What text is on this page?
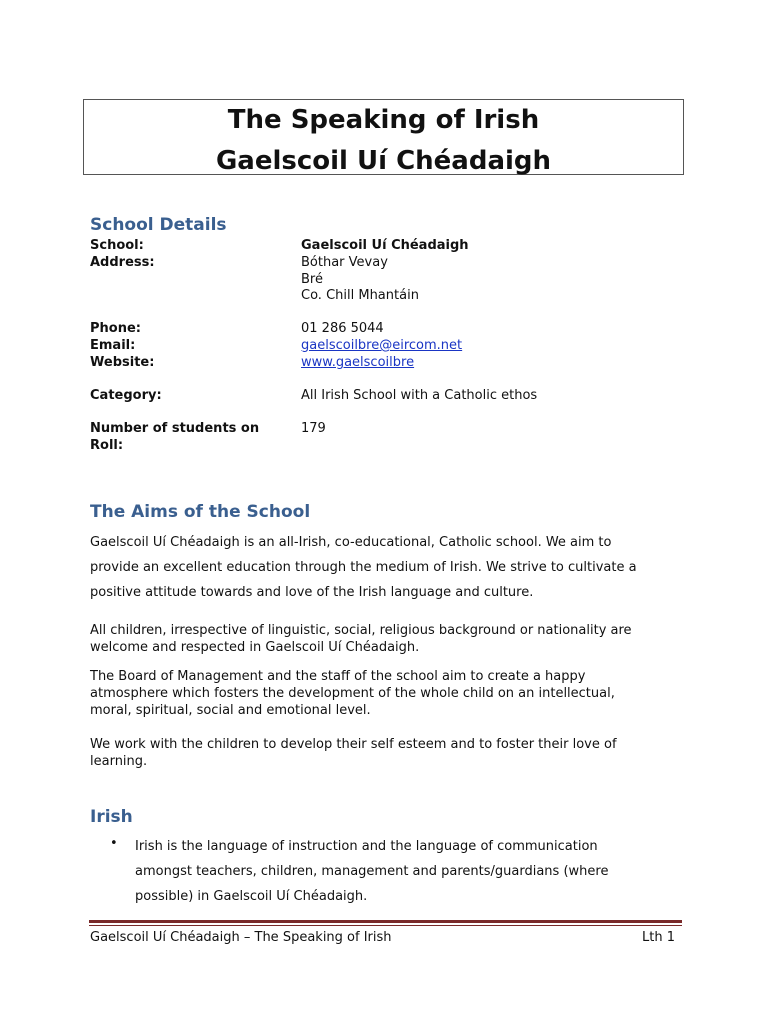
The Speaking of Irish
Gaelscoil Uí Chéadaigh
School Details
School:	Gaelscoil Uí Chéadaigh
Address:	Bóthar Vevay
Bré
Co. Chill Mhantáin
Phone:	01 286 5044
Email:	gaelscoilbre@eircom.net
Website:	www.gaelscoilbre
Category:	All Irish School with a Catholic ethos
Number of students on
Roll:
179
The Aims of the School
Gaelscoil Uí Chéadaigh is an all-Irish, co-educational, Catholic school. We aim to
provide an excellent education through the medium of Irish. We strive to cultivate a
positive attitude towards and love of the Irish language and culture.
All children, irrespective of linguistic, social, religious background or nationality are
welcome and respected in Gaelscoil Uí Chéadaigh.
The Board of Management and the staff of the school aim to create a happy
atmosphere which fosters the development of the whole child on an intellectual,
moral, spiritual, social and emotional level.
We work with the children to develop their self esteem and to foster their love of
learning.
Irish
• Irish is the language of instruction and the language of communication
amongst teachers, children, management and parents/guardians (where
possible) in Gaelscoil Uí Chéadaigh.
Gaelscoil Uí Chéadaigh – The Speaking of Irish	Lth 1
